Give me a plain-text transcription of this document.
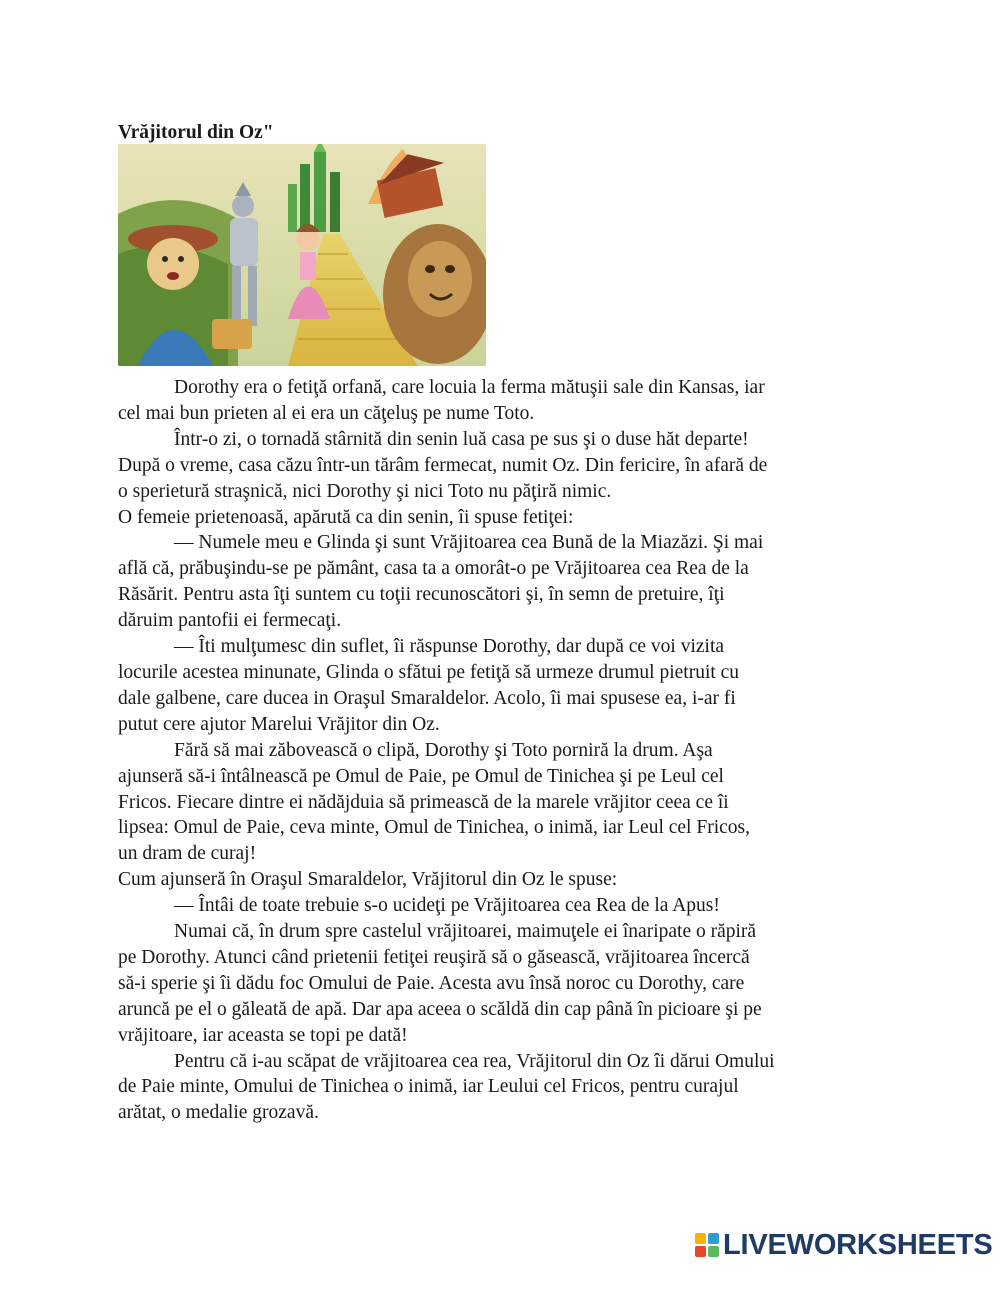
Vrăjitorul din Oz"

Dorothy era o fetiţă orfană, care locuia la ferma mătuşii sale din Kansas, iar

cel mai bun prieten al ei era un căţeluş pe nume Toto.

Într-o zi, o tornadă stârnită din senin luă casa pe sus şi o duse hăt departe!

După o vreme, casa căzu într-un tărâm fermecat, numit Oz. Din fericire, în afară de

o sperietură straşnică, nici Dorothy şi nici Toto nu păţiră nimic.

O femeie prietenoasă, apărută ca din senin, îi spuse fetiţei:

— Numele meu e Glinda şi sunt Vrăjitoarea cea Bună de la Miazăzi. Şi mai

află că, prăbuşindu-se pe pământ, casa ta a omorât-o pe Vrăjitoarea cea Rea de la

Răsărit. Pentru asta îţi suntem cu toţii recunoscători şi, în semn de pretuire, îţi

dăruim pantofii ei fermecaţi.

— Îti mulţumesc din suflet, îi răspunse Dorothy, dar după ce voi vizita

locurile acestea minunate, Glinda o sfătui pe fetiţă să urmeze drumul pietruit cu

dale galbene, care ducea in Oraşul Smaraldelor. Acolo, îi mai spusese ea, i-ar fi

putut cere ajutor Marelui Vrăjitor din Oz.

Fără să mai zăbovească o clipă, Dorothy şi Toto porniră la drum. Aşa

ajunseră să-i întâlnească pe Omul de Paie, pe Omul de Tinichea şi pe Leul cel

Fricos. Fiecare dintre ei nădăjduia să primească de la marele vrăjitor ceea ce îi

lipsea: Omul de Paie, ceva minte, Omul de Tinichea, o inimă, iar Leul cel Fricos,

un dram de curaj!

Cum ajunseră în Oraşul Smaraldelor, Vrăjitorul din Oz le spuse:

— Întâi de toate trebuie s-o ucideţi pe Vrăjitoarea cea Rea de la Apus!

Numai că, în drum spre castelul vrăjitoarei, maimuţele ei înaripate o răpiră

pe Dorothy. Atunci când prietenii fetiţei reuşiră să o găsească, vrăjitoarea încercă

să-i sperie şi îi dădu foc Omului de Paie. Acesta avu însă noroc cu Dorothy, care

aruncă pe el o găleată de apă. Dar apa aceea o scăldă din cap până în picioare şi pe

vrăjitoare, iar aceasta se topi pe dată!

Pentru că i-au scăpat de vrăjitoarea cea rea, Vrăjitorul din Oz îi dărui Omului

de Paie minte, Omului de Tinichea o inimă, iar Leului cel Fricos, pentru curajul

arătat, o medalie grozavă.

LIVEWORKSHEETS
